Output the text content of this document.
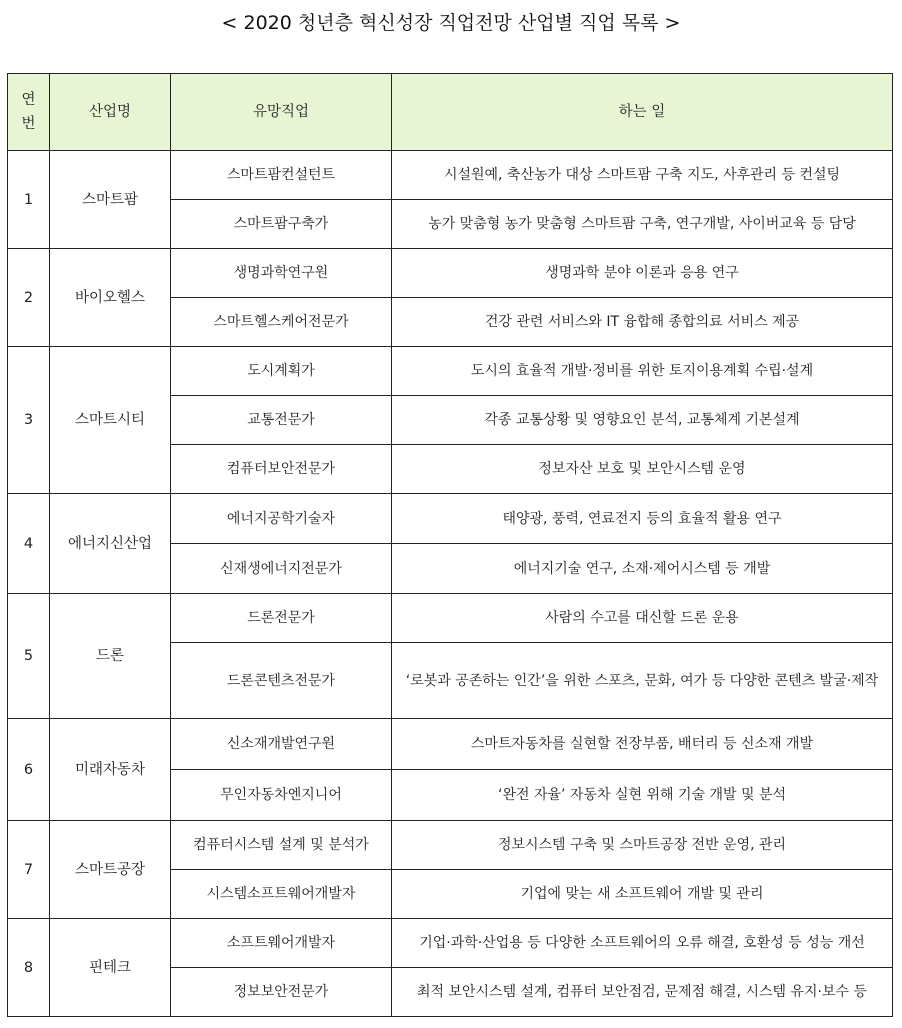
< 2020 청년층 혁신성장 직업전망 산업별 직업 목록 >
연
번	산업명	유망직업	하는 일
1	스마트팜	스마트팜컨설턴트	시설원예, 축산농가 대상 스마트팜 구축 지도, 사후관리 등 컨설팅
		스마트팜구축가	농가 맞춤형 농가 맞춤형 스마트팜 구축, 연구개발, 사이버교육 등 담당
2	바이오헬스	생명과학연구원	생명과학 분야 이론과 응용 연구
		스마트헬스케어전문가	건강 관련 서비스와 IT 융합해 종합의료 서비스 제공
3	스마트시티	도시계획가	도시의 효율적 개발·정비를 위한 토지이용계획 수립·설계
		교통전문가	각종 교통상황 및 영향요인 분석, 교통체계 기본설계
		컴퓨터보안전문가	정보자산 보호 및 보안시스템 운영
4	에너지신산업	에너지공학기술자	태양광, 풍력, 연료전지 등의 효율적 활용 연구
		신재생에너지전문가	에너지기술 연구, 소재·제어시스템 등 개발
5	드론	드론전문가	사람의 수고를 대신할 드론 운용
		드론콘텐츠전문가	‘로봇과 공존하는 인간’을 위한 스포츠, 문화, 여가 등 다양한 콘텐츠 발굴·제작
6	미래자동차	신소재개발연구원	스마트자동차를 실현할 전장부품, 배터리 등 신소재 개발
		무인자동차엔지니어	‘완전 자율’ 자동차 실현 위해 기술 개발 및 분석
7	스마트공장	컴퓨터시스템 설계 및 분석가	정보시스템 구축 및 스마트공장 전반 운영, 관리
		시스템소프트웨어개발자	기업에 맞는 새 소프트웨어 개발 및 관리
8	핀테크	소프트웨어개발자	기업·과학·산업용 등 다양한 소프트웨어의 오류 해결, 호환성 등 성능 개선
		정보보안전문가	최적 보안시스템 설계, 컴퓨터 보안점검, 문제점 해결, 시스템 유지·보수 등
